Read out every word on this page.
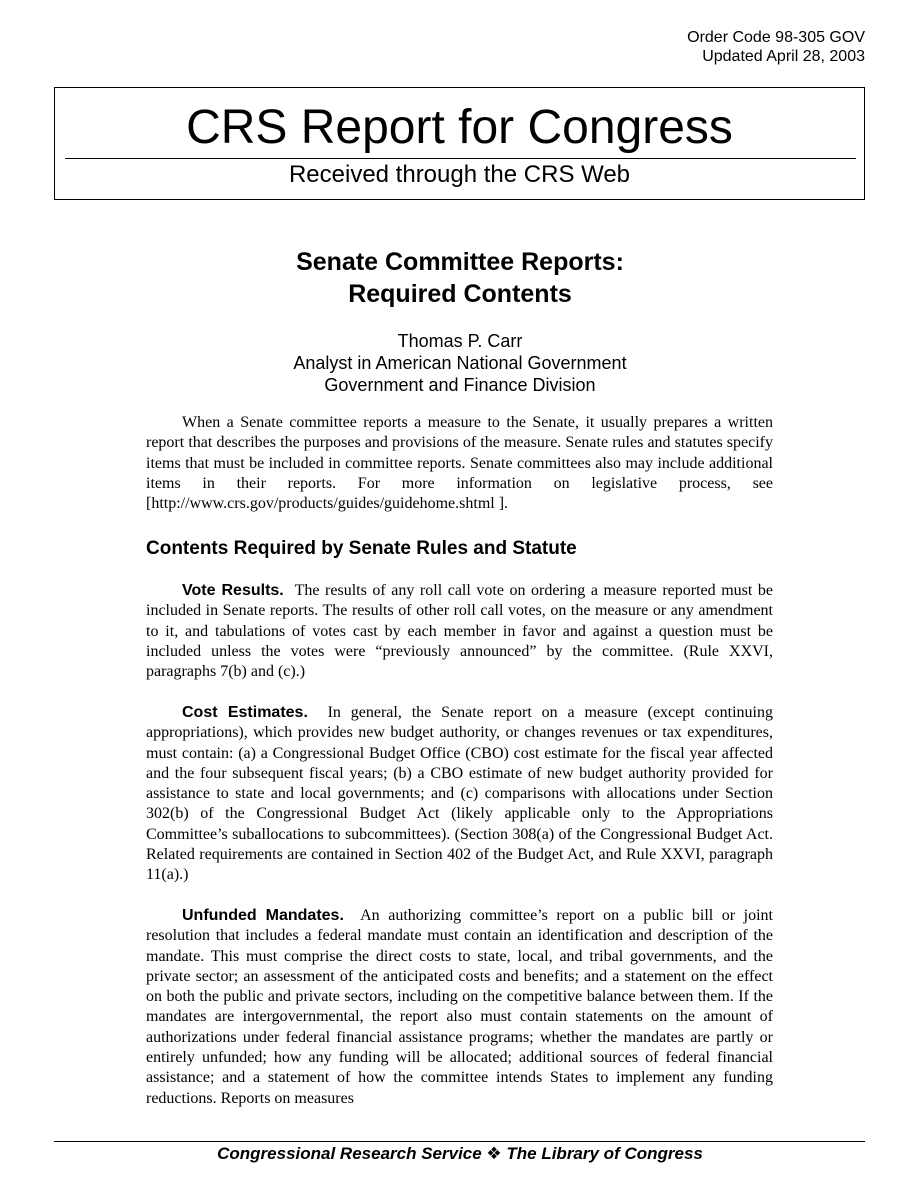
Order Code 98-305 GOV
Updated April 28, 2003
CRS Report for Congress
Received through the CRS Web
Senate Committee Reports:
Required Contents
Thomas P. Carr
Analyst in American National Government
Government and Finance Division

When a Senate committee reports a measure to the Senate, it usually prepares a written report that describes the purposes and provisions of the measure. Senate rules and statutes specify items that must be included in committee reports. Senate committees also may include additional items in their reports. For more information on legislative process, see [http://www.crs.gov/products/guides/guidehome.shtml ].

Contents Required by Senate Rules and Statute

Vote Results. The results of any roll call vote on ordering a measure reported must be included in Senate reports. The results of other roll call votes, on the measure or any amendment to it, and tabulations of votes cast by each member in favor and against a question must be included unless the votes were “previously announced” by the committee. (Rule XXVI, paragraphs 7(b) and (c).)

Cost Estimates. In general, the Senate report on a measure (except continuing appropriations), which provides new budget authority, or changes revenues or tax expenditures, must contain: (a) a Congressional Budget Office (CBO) cost estimate for the fiscal year affected and the four subsequent fiscal years; (b) a CBO estimate of new budget authority provided for assistance to state and local governments; and (c) comparisons with allocations under Section 302(b) of the Congressional Budget Act (likely applicable only to the Appropriations Committee’s suballocations to subcommittees). (Section 308(a) of the Congressional Budget Act. Related requirements are contained in Section 402 of the Budget Act, and Rule XXVI, paragraph 11(a).)

Unfunded Mandates. An authorizing committee’s report on a public bill or joint resolution that includes a federal mandate must contain an identification and description of the mandate. This must comprise the direct costs to state, local, and tribal governments, and the private sector; an assessment of the anticipated costs and benefits; and a statement on the effect on both the public and private sectors, including on the competitive balance between them. If the mandates are intergovernmental, the report also must contain statements on the amount of authorizations under federal financial assistance programs; whether the mandates are partly or entirely unfunded; how any funding will be allocated; additional sources of federal financial assistance; and a statement of how the committee intends States to implement any funding reductions. Reports on measures

Congressional Research Service ❖ The Library of Congress
